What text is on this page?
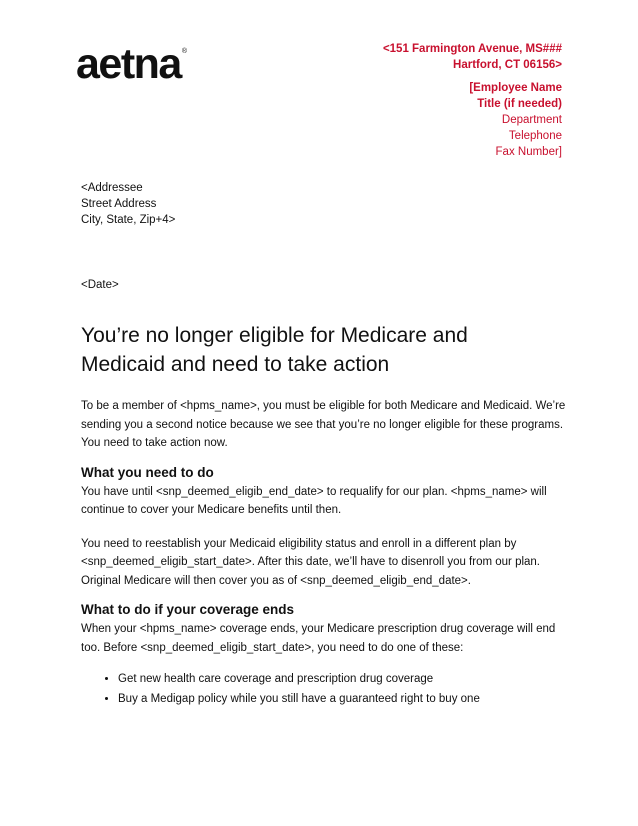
aetna ®	<151 Farmington Avenue, MS###
Hartford, CT 06156>
[Employee Name
Title (if needed)
Department
Telephone
Fax Number]
<Addressee
Street Address
City, State, Zip+4>
<Date>
You’re no longer eligible for Medicare and Medicaid and need to take action

To be a member of <hpms_name>, you must be eligible for both Medicare and Medicaid. We’re sending you a second notice because we see that you’re no longer eligible for these programs. You need to take action now.

What you need to do

You have until <snp_deemed_eligib_end_date> to requalify for our plan. <hpms_name> will continue to cover your Medicare benefits until then.

You need to reestablish your Medicaid eligibility status and enroll in a different plan by <snp_deemed_eligib_start_date>. After this date, we’ll have to disenroll you from our plan. Original Medicare will then cover you as of <snp_deemed_eligib_end_date>.

What to do if your coverage ends

When your <hpms_name> coverage ends, your Medicare prescription drug coverage will end too. Before <snp_deemed_eligib_start_date>, you need to do one of these:

• Get new health care coverage and prescription drug coverage
• Buy a Medigap policy while you still have a guaranteed right to buy one
